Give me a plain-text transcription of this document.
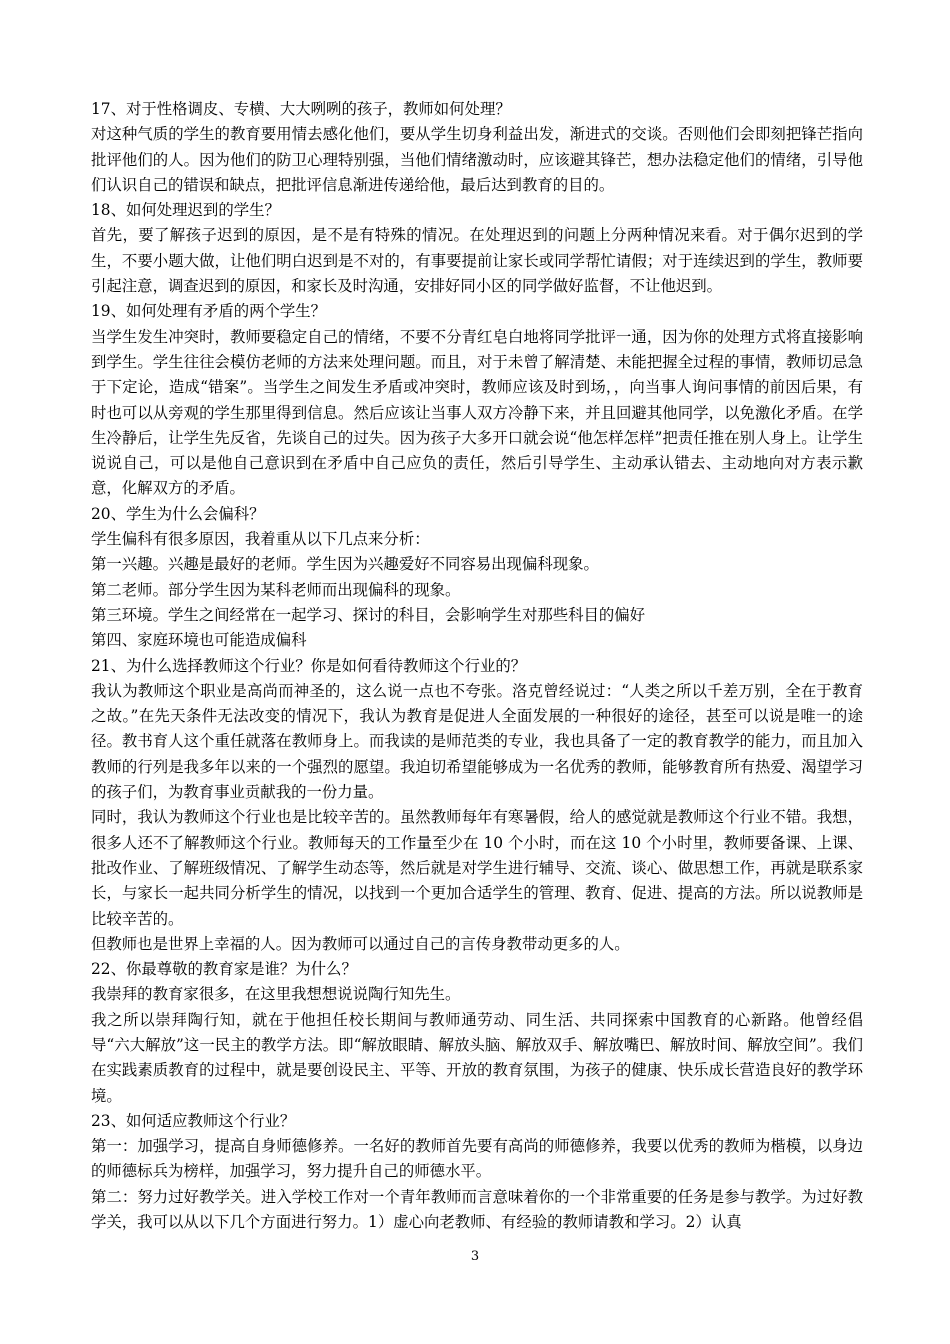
17、对于性格调皮、专横、大大咧咧的孩子，教师如何处理？

对这种气质的学生的教育要用情去感化他们，要从学生切身利益出发，渐进式的交谈。否则他们会即刻把锋芒指向批评他们的人。因为他们的防卫心理特别强，当他们情绪激动时，应该避其锋芒，想办法稳定他们的情绪，引导他们认识自己的错误和缺点，把批评信息渐进传递给他，最后达到教育的目的。

18、如何处理迟到的学生？

首先，要了解孩子迟到的原因，是不是有特殊的情况。在处理迟到的问题上分两种情况来看。对于偶尔迟到的学生，不要小题大做，让他们明白迟到是不对的，有事要提前让家长或同学帮忙请假；对于连续迟到的学生，教师要引起注意，调查迟到的原因，和家长及时沟通，安排好同小区的同学做好监督，不让他迟到。

19、如何处理有矛盾的两个学生？

当学生发生冲突时，教师要稳定自己的情绪，不要不分青红皂白地将同学批评一通，因为你的处理方式将直接影响到学生。学生往往会模仿老师的方法来处理问题。而且，对于未曾了解清楚、未能把握全过程的事情，教师切忌急于下定论，造成“错案”。当学生之间发生矛盾或冲突时，教师应该及时到场，，向当事人询问事情的前因后果，有时也可以从旁观的学生那里得到信息。然后应该让当事人双方冷静下来，并且回避其他同学，以免激化矛盾。在学生冷静后，让学生先反省，先谈自己的过失。因为孩子大多开口就会说“他怎样怎样”把责任推在别人身上。让学生说说自己，可以是他自己意识到在矛盾中自己应负的责任，然后引导学生、主动承认错去、主动地向对方表示歉意，化解双方的矛盾。

20、学生为什么会偏科？

学生偏科有很多原因，我着重从以下几点来分析：

第一兴趣。兴趣是最好的老师。学生因为兴趣爱好不同容易出现偏科现象。

第二老师。部分学生因为某科老师而出现偏科的现象。

第三环境。学生之间经常在一起学习、探讨的科目，会影响学生对那些科目的偏好

第四、家庭环境也可能造成偏科

21、为什么选择教师这个行业？你是如何看待教师这个行业的？

我认为教师这个职业是高尚而神圣的，这么说一点也不夸张。洛克曾经说过：“人类之所以千差万别，全在于教育之故。”在先天条件无法改变的情况下，我认为教育是促进人全面发展的一种很好的途径，甚至可以说是唯一的途径。教书育人这个重任就落在教师身上。而我读的是师范类的专业，我也具备了一定的教育教学的能力，而且加入教师的行列是我多年以来的一个强烈的愿望。我迫切希望能够成为一名优秀的教师，能够教育所有热爱、渴望学习的孩子们，为教育事业贡献我的一份力量。

同时，我认为教师这个行业也是比较辛苦的。虽然教师每年有寒暑假，给人的感觉就是教师这个行业不错。我想，很多人还不了解教师这个行业。教师每天的工作量至少在 10 个小时，而在这 10 个小时里，教师要备课、上课、批改作业、了解班级情况、了解学生动态等，然后就是对学生进行辅导、交流、谈心、做思想工作，再就是联系家长，与家长一起共同分析学生的情况，以找到一个更加合适学生的管理、教育、促进、提高的方法。所以说教师是比较辛苦的。

但教师也是世界上幸福的人。因为教师可以通过自己的言传身教带动更多的人。

22、你最尊敬的教育家是谁？为什么？

我崇拜的教育家很多，在这里我想想说说陶行知先生。

我之所以崇拜陶行知，就在于他担任校长期间与教师通劳动、同生活、共同探索中国教育的心新路。他曾经倡导“六大解放”这一民主的教学方法。即“解放眼睛、解放头脑、解放双手、解放嘴巴、解放时间、解放空间”。我们在实践素质教育的过程中，就是要创设民主、平等、开放的教育氛围，为孩子的健康、快乐成长营造良好的教学环境。

23、如何适应教师这个行业？

第一：加强学习，提高自身师德修养。一名好的教师首先要有高尚的师德修养，我要以优秀的教师为楷模，以身边的师德标兵为榜样，加强学习，努力提升自己的师德水平。

第二：努力过好教学关。进入学校工作对一个青年教师而言意味着你的一个非常重要的任务是参与教学。为过好教学关，我可以从以下几个方面进行努力。1）虚心向老教师、有经验的教师请教和学习。2）认真

3
